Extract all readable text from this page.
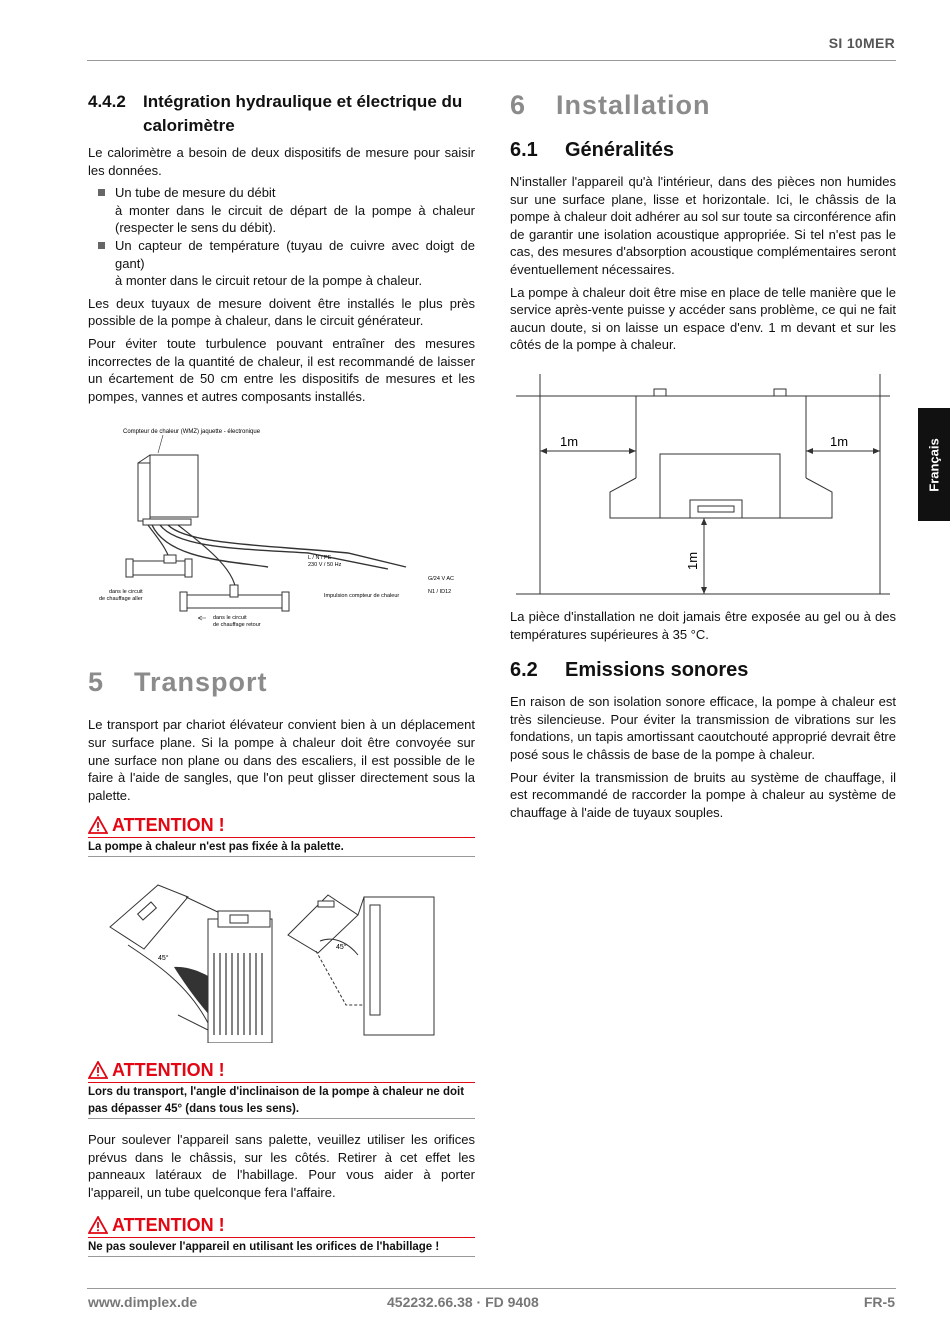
SI 10MER
Français
4.4.2	Intégration hydraulique et électrique du calorimètre

Le calorimètre a besoin de deux dispositifs de mesure pour saisir les données.

Un tube de mesure du débit
à monter dans le circuit de départ de la pompe à chaleur (respecter le sens du débit).
Un capteur de température (tuyau de cuivre avec doigt de gant)
à monter dans le circuit retour de la pompe à chaleur.

Les deux tuyaux de mesure doivent être installés le plus près possible de la pompe à chaleur, dans le circuit générateur.

Pour éviter toute turbulence pouvant entraîner des mesures incorrectes de la quantité de chaleur, il est recommandé de laisser un écartement de 50 cm entre les dispositifs de mesures et les pompes, vannes et autres composants installés.

Compteur de chaleur (WMZ) jaquette - électronique
L / N / PE
230 V / 50 Hz
G/24 V AC
N1 / ID12
Impulsion compteur de chaleur
dans le circuit
de chauffage aller
dans le circuit
de chauffage retour
5	Transport

Le transport par chariot élévateur convient bien à un déplacement sur surface plane. Si la pompe à chaleur doit être convoyée sur une surface non plane ou dans des escaliers, il est possible de le faire à l'aide de sangles, que l'on peut glisser directement sous la palette.

ATTENTION !
La pompe à chaleur n'est pas fixée à la palette.
45°
45°
ATTENTION !
Lors du transport, l'angle d'inclinaison de la pompe à chaleur ne doit pas dépasser 45° (dans tous les sens).

Pour soulever l'appareil sans palette, veuillez utiliser les orifices prévus dans le châssis, sur les côtés. Retirer à cet effet les panneaux latéraux de l'habillage. Pour vous aider à porter l'appareil, un tube quelconque fera l'affaire.

ATTENTION !
Ne pas soulever l'appareil en utilisant les orifices de l'habillage !
6	Installation
6.1	Généralités

N'installer l'appareil qu'à l'intérieur, dans des pièces non humides sur une surface plane, lisse et horizontale. Ici, le châssis de la pompe à chaleur doit adhérer au sol sur toute sa circonférence afin de garantir une isolation acoustique appropriée. Si tel n'est pas le cas, des mesures d'absorption acoustique complémentaires seront éventuellement nécessaires.

La pompe à chaleur doit être mise en place de telle manière que le service après-vente puisse y accéder sans problème, ce qui ne fait aucun doute, si on laisse un espace d'env. 1 m devant et sur les côtés de la pompe à chaleur.

1m	1m
1m

La pièce d'installation ne doit jamais être exposée au gel ou à des températures supérieures à 35 °C.

6.2	Emissions sonores

En raison de son isolation sonore efficace, la pompe à chaleur est très silencieuse. Pour éviter la transmission de vibrations sur les fondations, un tapis amortissant caoutchouté approprié devrait être posé sous le châssis de base de la pompe à chaleur.

Pour éviter la transmission de bruits au système de chauffage, il est recommandé de raccorder la pompe à chaleur au système de chauffage à l'aide de tuyaux souples.

www.dimplex.de	452232.66.38 · FD 9408	FR-5
